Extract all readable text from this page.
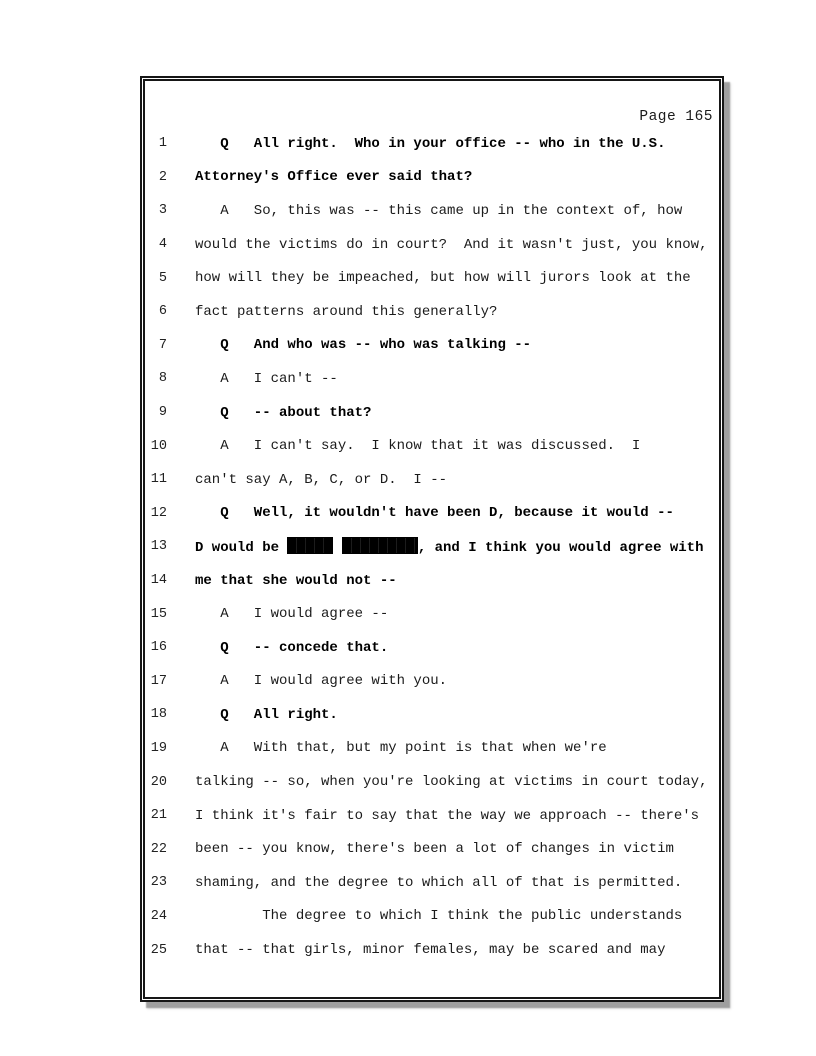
Page 165
1	Q   All right.  Who in your office -- who in the U.S.
2	Attorney's Office ever said that?
3	A   So, this was -- this came up in the context of, how
4	would the victims do in court?  And it wasn't just, you know,
5	how will they be impeached, but how will jurors look at the
6	fact patterns around this generally?
7	Q   And who was -- who was talking --
8	A   I can't --
9	Q   -- about that?
10	A   I can't say.  I know that it was discussed.  I
11	can't say A, B, C, or D.  I --
12	Q   Well, it wouldn't have been D, because it would --
13	D would be	, and I think you would agree with
14	me that she would not --
15	A   I would agree --
16	Q   -- concede that.
17	A   I would agree with you.
18	Q   All right.
19	A   With that, but my point is that when we're
20	talking -- so, when you're looking at victims in court today,
21	I think it's fair to say that the way we approach -- there's
22	been -- you know, there's been a lot of changes in victim
23	shaming, and the degree to which all of that is permitted.
24	The degree to which I think the public understands
25	that -- that girls, minor females, may be scared and may
